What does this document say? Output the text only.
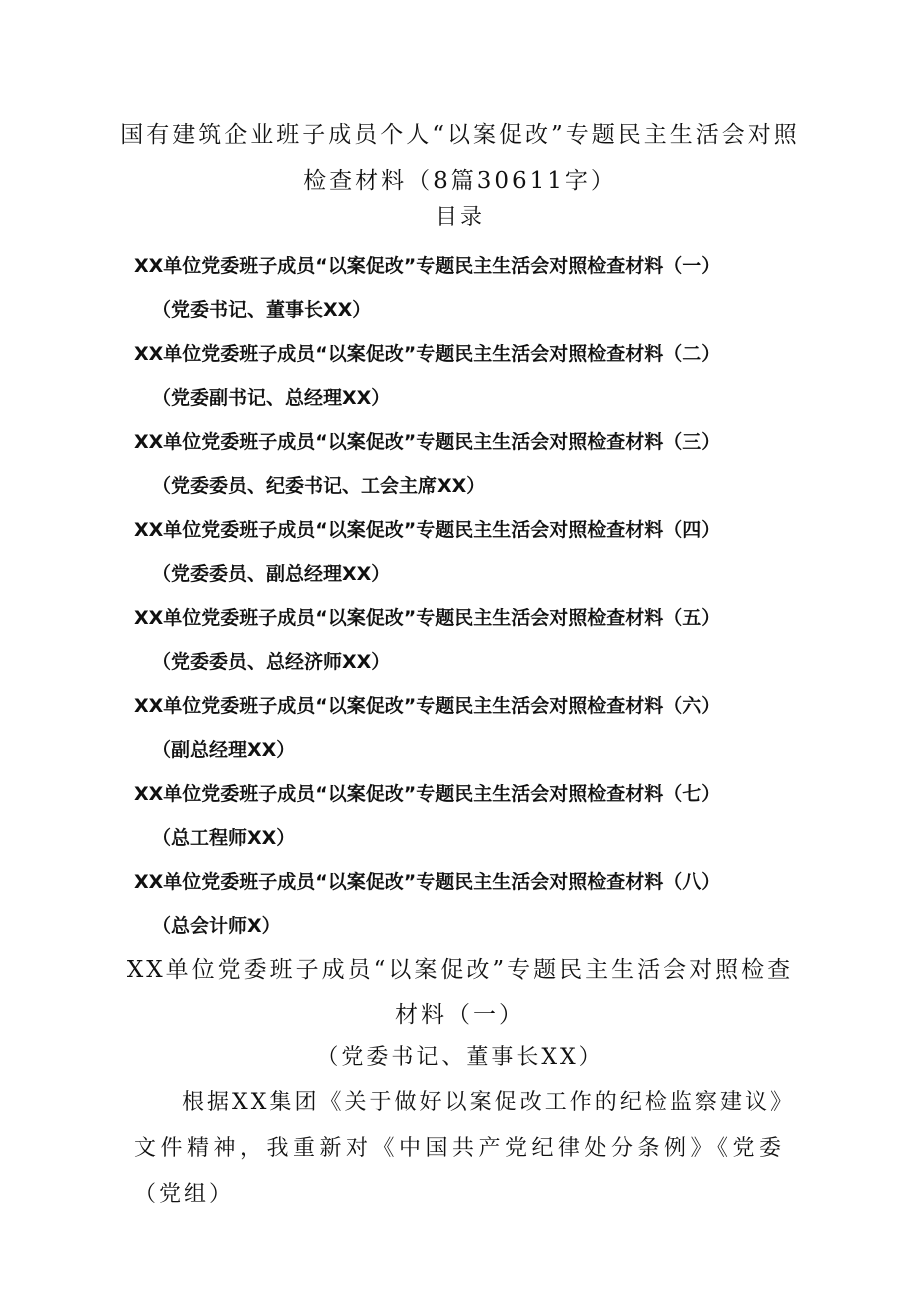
国有建筑企业班子成员个人“以案促改”专题民主生活会对照检查材料（8篇30611字）
目录
XX单位党委班子成员“以案促改”专题民主生活会对照检查材料（一）
（党委书记、董事长XX）
XX单位党委班子成员“以案促改”专题民主生活会对照检查材料（二）
（党委副书记、总经理XX）
XX单位党委班子成员“以案促改”专题民主生活会对照检查材料（三）
（党委委员、纪委书记、工会主席XX）
XX单位党委班子成员“以案促改”专题民主生活会对照检查材料（四）
（党委委员、副总经理XX）
XX单位党委班子成员“以案促改”专题民主生活会对照检查材料（五）
（党委委员、总经济师XX）
XX单位党委班子成员“以案促改”专题民主生活会对照检查材料（六）
（副总经理XX）
XX单位党委班子成员“以案促改”专题民主生活会对照检查材料（七）
（总工程师XX）
XX单位党委班子成员“以案促改”专题民主生活会对照检查材料（八）
（总会计师X）
XX单位党委班子成员“以案促改”专题民主生活会对照检查材料（一）
（党委书记、董事长XX）
根据XX集团《关于做好以案促改工作的纪检监察建议》文件精神，我重新对《中国共产党纪律处分条例》《党委（党组）
